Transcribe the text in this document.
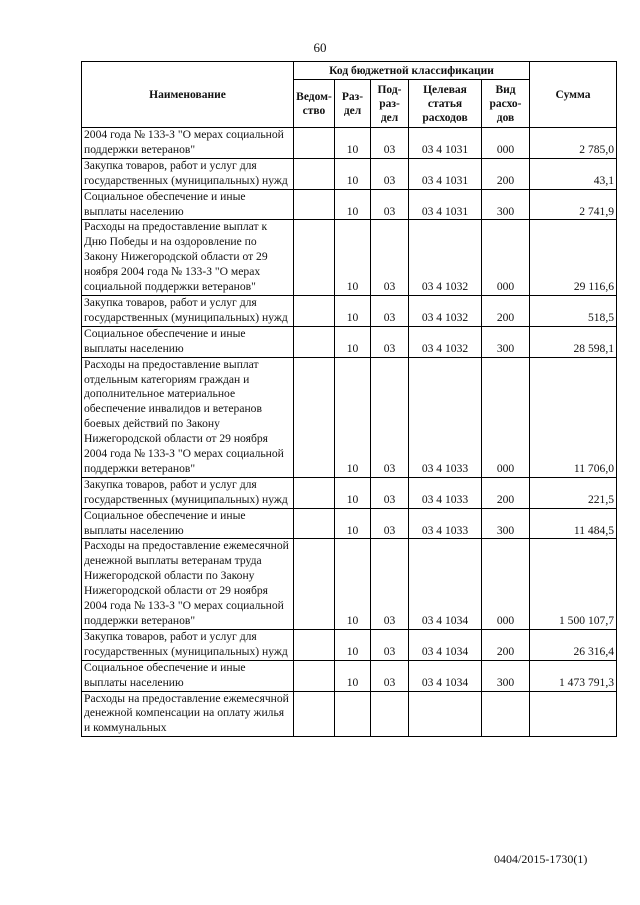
60
Наименование	Код бюджетной классификации					Сумма
	Ведом-ство	Раз-дел	Под-раз-дел	Целевая статья расходов	Вид расхо-дов	
2004 года № 133-З "О мерах социальной поддержки ветеранов"		10	03	03 4 1031	000	2 785,0
Закупка товаров, работ и услуг для государственных (муниципальных) нужд		10	03	03 4 1031	200	43,1
Социальное обеспечение и иные выплаты населению		10	03	03 4 1031	300	2 741,9
Расходы на предоставление выплат к Дню Победы и на оздоровление по Закону Нижегородской области от 29 ноября 2004 года № 133-З "О мерах социальной поддержки ветеранов"		10	03	03 4 1032	000	29 116,6
Закупка товаров, работ и услуг для государственных (муниципальных) нужд		10	03	03 4 1032	200	518,5
Социальное обеспечение и иные выплаты населению		10	03	03 4 1032	300	28 598,1
Расходы на предоставление выплат отдельным категориям граждан и дополнительное материальное обеспечение инвалидов и ветеранов боевых действий по Закону Нижегородской области от 29 ноября 2004 года № 133-З "О мерах социальной поддержки ветеранов"		10	03	03 4 1033	000	11 706,0
Закупка товаров, работ и услуг для государственных (муниципальных) нужд		10	03	03 4 1033	200	221,5
Социальное обеспечение и иные выплаты населению		10	03	03 4 1033	300	11 484,5
Расходы на предоставление ежемесячной денежной выплаты ветеранам труда Нижегородской области по Закону Нижегородской области от 29 ноября 2004 года № 133-З "О мерах социальной поддержки ветеранов"		10	03	03 4 1034	000	1 500 107,7
Закупка товаров, работ и услуг для государственных (муниципальных) нужд		10	03	03 4 1034	200	26 316,4
Социальное обеспечение и иные выплаты населению		10	03	03 4 1034	300	1 473 791,3
Расходы на предоставление ежемесячной денежной компенсации на оплату жилья и коммунальных						
0404/2015-1730(1)
